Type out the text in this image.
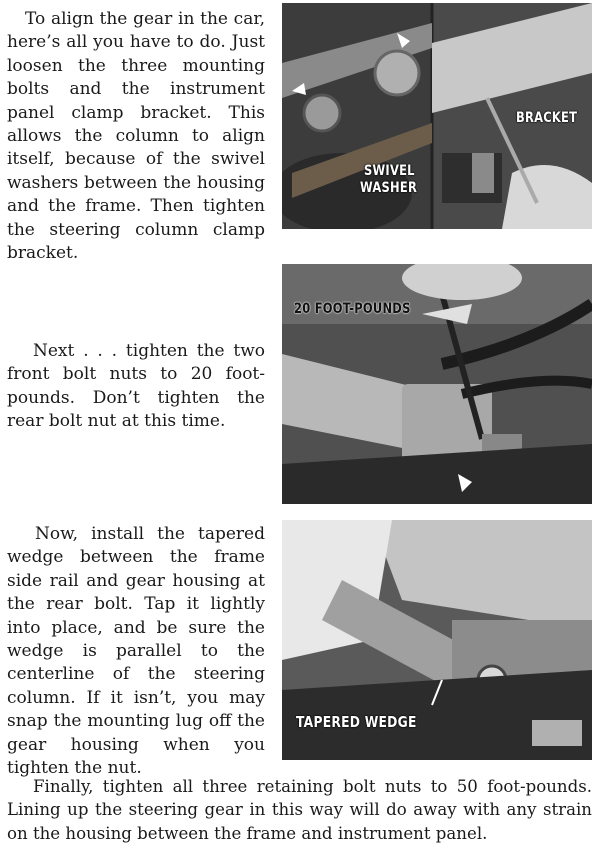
To align the gear in the car, here’s all you have to do. Just loosen the three mounting bolts and the instrument panel clamp bracket. This allows the column to align itself, because of the swivel washers between the housing and the frame. Then tighten the steering column clamp bracket.

BRACKET
SWIVEL
WASHER

Next . . . tighten the two front bolt nuts to 20 foot-pounds. Don’t tighten the rear bolt nut at this time.

20 FOOT-POUNDS

Now, install the tapered wedge between the frame side rail and gear housing at the rear bolt. Tap it lightly into place, and be sure the wedge is parallel to the centerline of the steering column. If it isn’t, you may snap the mounting lug off the gear housing when you tighten the nut.

TAPERED WEDGE

Finally, tighten all three retaining bolt nuts to 50 foot-pounds. Lining up the steering gear in this way will do away with any strain on the housing between the frame and instrument panel.
